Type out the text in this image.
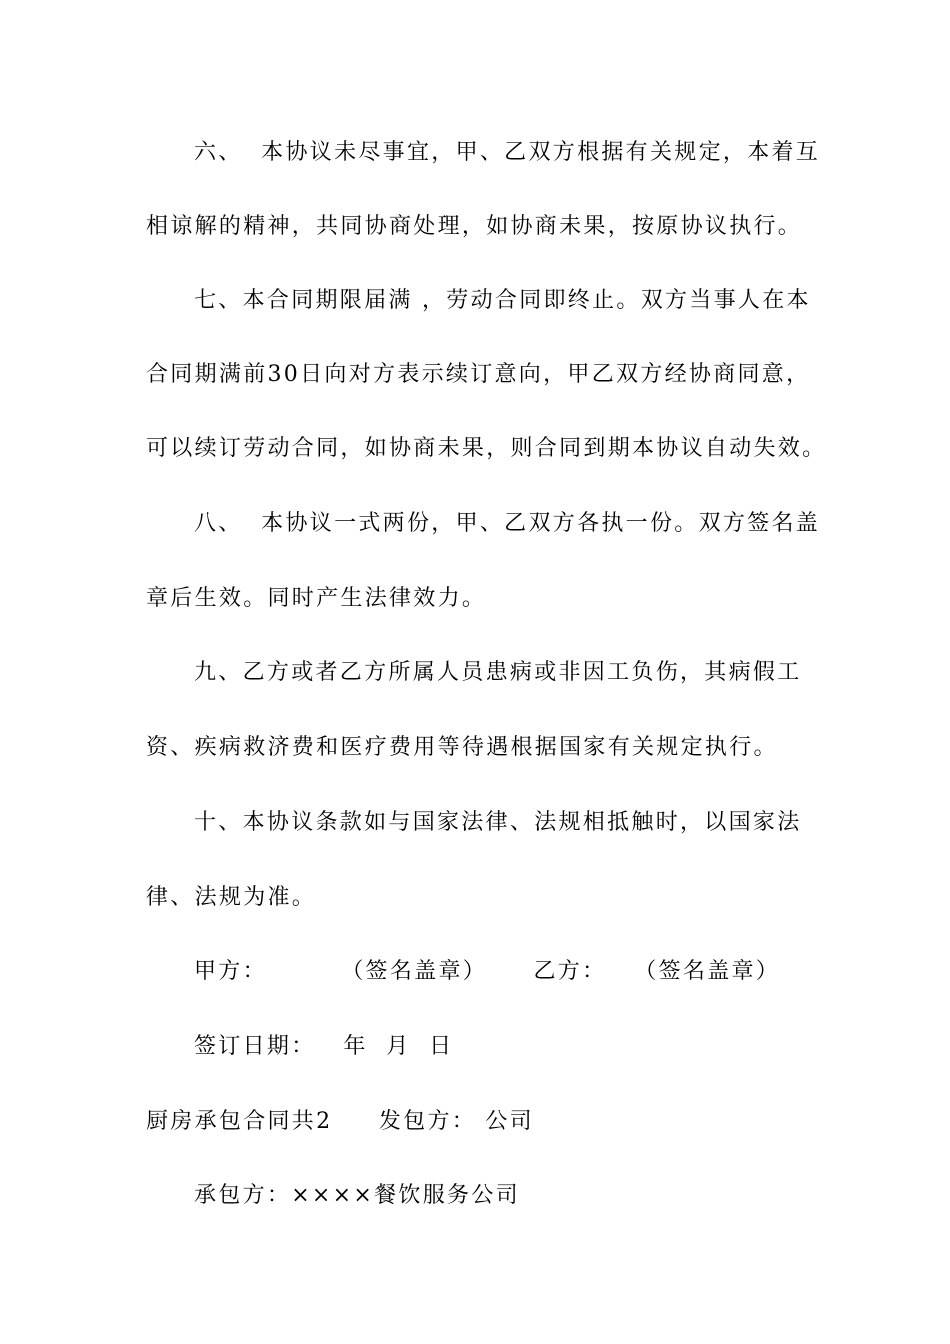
六、  本协议未尽事宜，甲、乙双方根据有关规定，本着互
相谅解的精神，共同协商处理，如协商未果，按原协议执行。
七、本合同期限届满 ，劳动合同即终止。双方当事人在本
合同期满前30日向对方表示续订意向，甲乙双方经协商同意，
可以续订劳动合同，如协商未果，则合同到期本协议自动失效。
八、  本协议一式两份，甲、乙双方各执一份。双方签名盖
章后生效。同时产生法律效力。
九、乙方或者乙方所属人员患病或非因工负伤，其病假工
资、疾病救济费和医疗费用等待遇根据国家有关规定执行。
十、本协议条款如与国家法律、法规相抵触时，以国家法
律、法规为准。
甲方：        （签名盖章）     乙方：   （签名盖章）
签订日期：   年  月  日
厨房承包合同共2     发包方： 公司
承包方：××××餐饮服务公司
